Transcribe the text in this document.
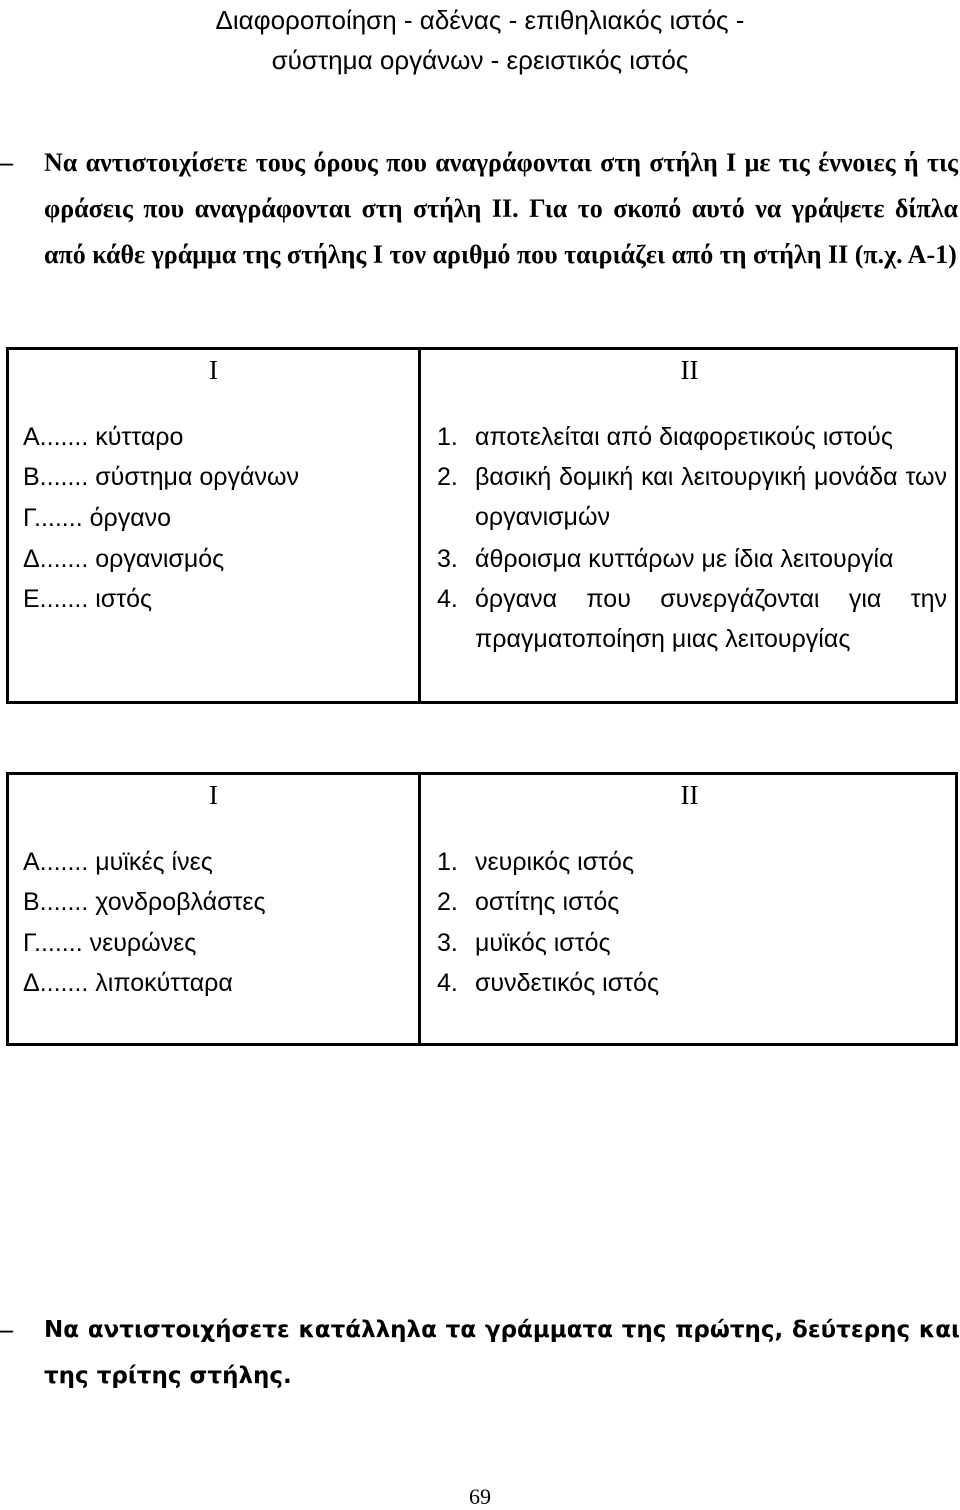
Διαφοροποίηση - αδένας - επιθηλιακός ιστός -
σύστημα οργάνων - ερειστικός ιστός
– Να αντιστοιχίσετε τους όρους που αναγράφονται στη στήλη Ι με τις έννοιες ή τις φράσεις που αναγράφονται στη στήλη ΙΙ. Για το σκοπό αυτό να γράψετε δίπλα από κάθε γράμμα της στήλης Ι τον αριθμό που ταιριάζει από τη στήλη ΙΙ (π.χ. Α-1)
I	II
Α....... κύτταρο
Β....... σύστημα οργάνων
Γ....... όργανο
Δ....... οργανισμός
Ε....... ιστός
1. αποτελείται από διαφορετικούς ιστούς
2. βασική δομική και λειτουργική μονάδα των οργανισμών
3. άθροισμα κυττάρων με ίδια λειτουργία
4. όργανα που συνεργάζονται για την πραγματοποίηση μιας λειτουργίας
I	II
Α....... μυϊκές ίνες
Β....... χονδροβλάστες
Γ....... νευρώνες
Δ....... λιποκύτταρα
1. νευρικός ιστός
2. οστίτης ιστός
3. μυϊκός ιστός
4. συνδετικός ιστός
– Να αντιστοιχήσετε κατάλληλα τα γράμματα της πρώτης, δεύτερης και της τρίτης στήλης.
69
